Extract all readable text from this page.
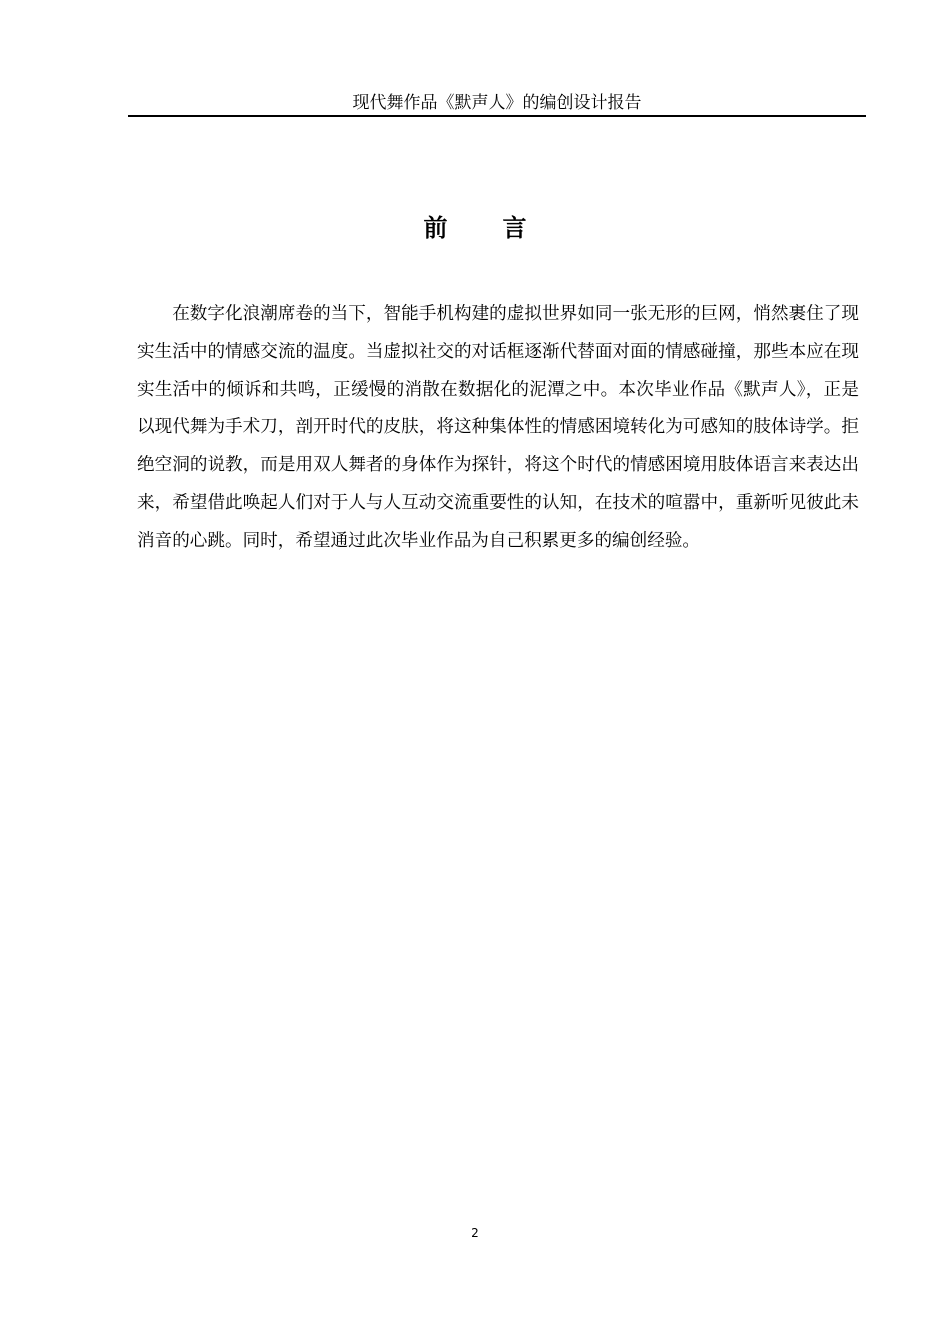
现代舞作品《默声人》的编创设计报告
前言

在数字化浪潮席卷的当下，智能手机构建的虚拟世界如同一张无形的巨网，悄然裹住了现实生活中的情感交流的温度。当虚拟社交的对话框逐渐代替面对面的情感碰撞，那些本应在现实生活中的倾诉和共鸣，正缓慢的消散在数据化的泥潭之中。本次毕业作品《默声人》，正是以现代舞为手术刀，剖开时代的皮肤，将这种集体性的情感困境转化为可感知的肢体诗学。拒绝空洞的说教，而是用双人舞者的身体作为探针，将这个时代的情感困境用肢体语言来表达出来，希望借此唤起人们对于人与人互动交流重要性的认知，在技术的喧嚣中，重新听见彼此未消音的心跳。同时，希望通过此次毕业作品为自己积累更多的编创经验。

2
